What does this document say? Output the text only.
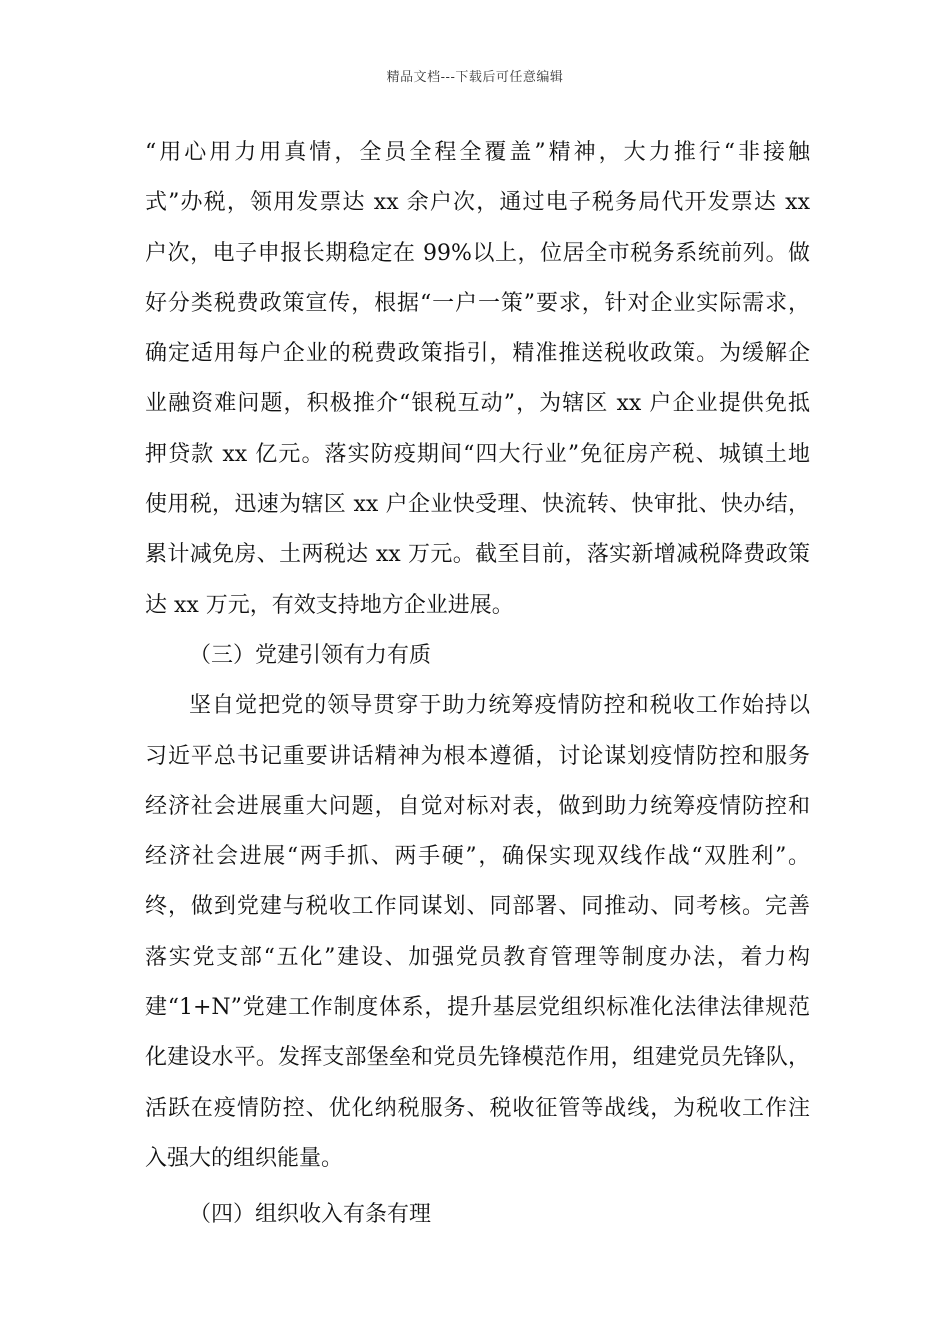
精品文档---下载后可任意编辑
“用心用力用真情，全员全程全覆盖”精神，大力推行“非接触
式”办税，领用发票达 xx 余户次，通过电子税务局代开发票达 xx
户次，电子申报长期稳定在 99%以上，位居全市税务系统前列。做
好分类税费政策宣传，根据“一户一策”要求，针对企业实际需求，
确定适用每户企业的税费政策指引，精准推送税收政策。为缓解企
业融资难问题，积极推介“银税互动”，为辖区 xx 户企业提供免抵
押贷款 xx 亿元。落实防疫期间“四大行业”免征房产税、城镇土地
使用税，迅速为辖区 xx 户企业快受理、快流转、快审批、快办结，
累计减免房、土两税达 xx 万元。截至目前，落实新增减税降费政策
达 xx 万元，有效支持地方企业进展。
（三）党建引领有力有质
坚自觉把党的领导贯穿于助力统筹疫情防控和税收工作始持以
习近平总书记重要讲话精神为根本遵循，讨论谋划疫情防控和服务
经济社会进展重大问题，自觉对标对表，做到助力统筹疫情防控和
经济社会进展“两手抓、两手硬”，确保实现双线作战“双胜利”。
终，做到党建与税收工作同谋划、同部署、同推动、同考核。完善
落实党支部“五化”建设、加强党员教育管理等制度办法，着力构
建“1+N”党建工作制度体系，提升基层党组织标准化法律法律规范
化建设水平。发挥支部堡垒和党员先锋模范作用，组建党员先锋队，
活跃在疫情防控、优化纳税服务、税收征管等战线，为税收工作注
入强大的组织能量。
（四）组织收入有条有理
